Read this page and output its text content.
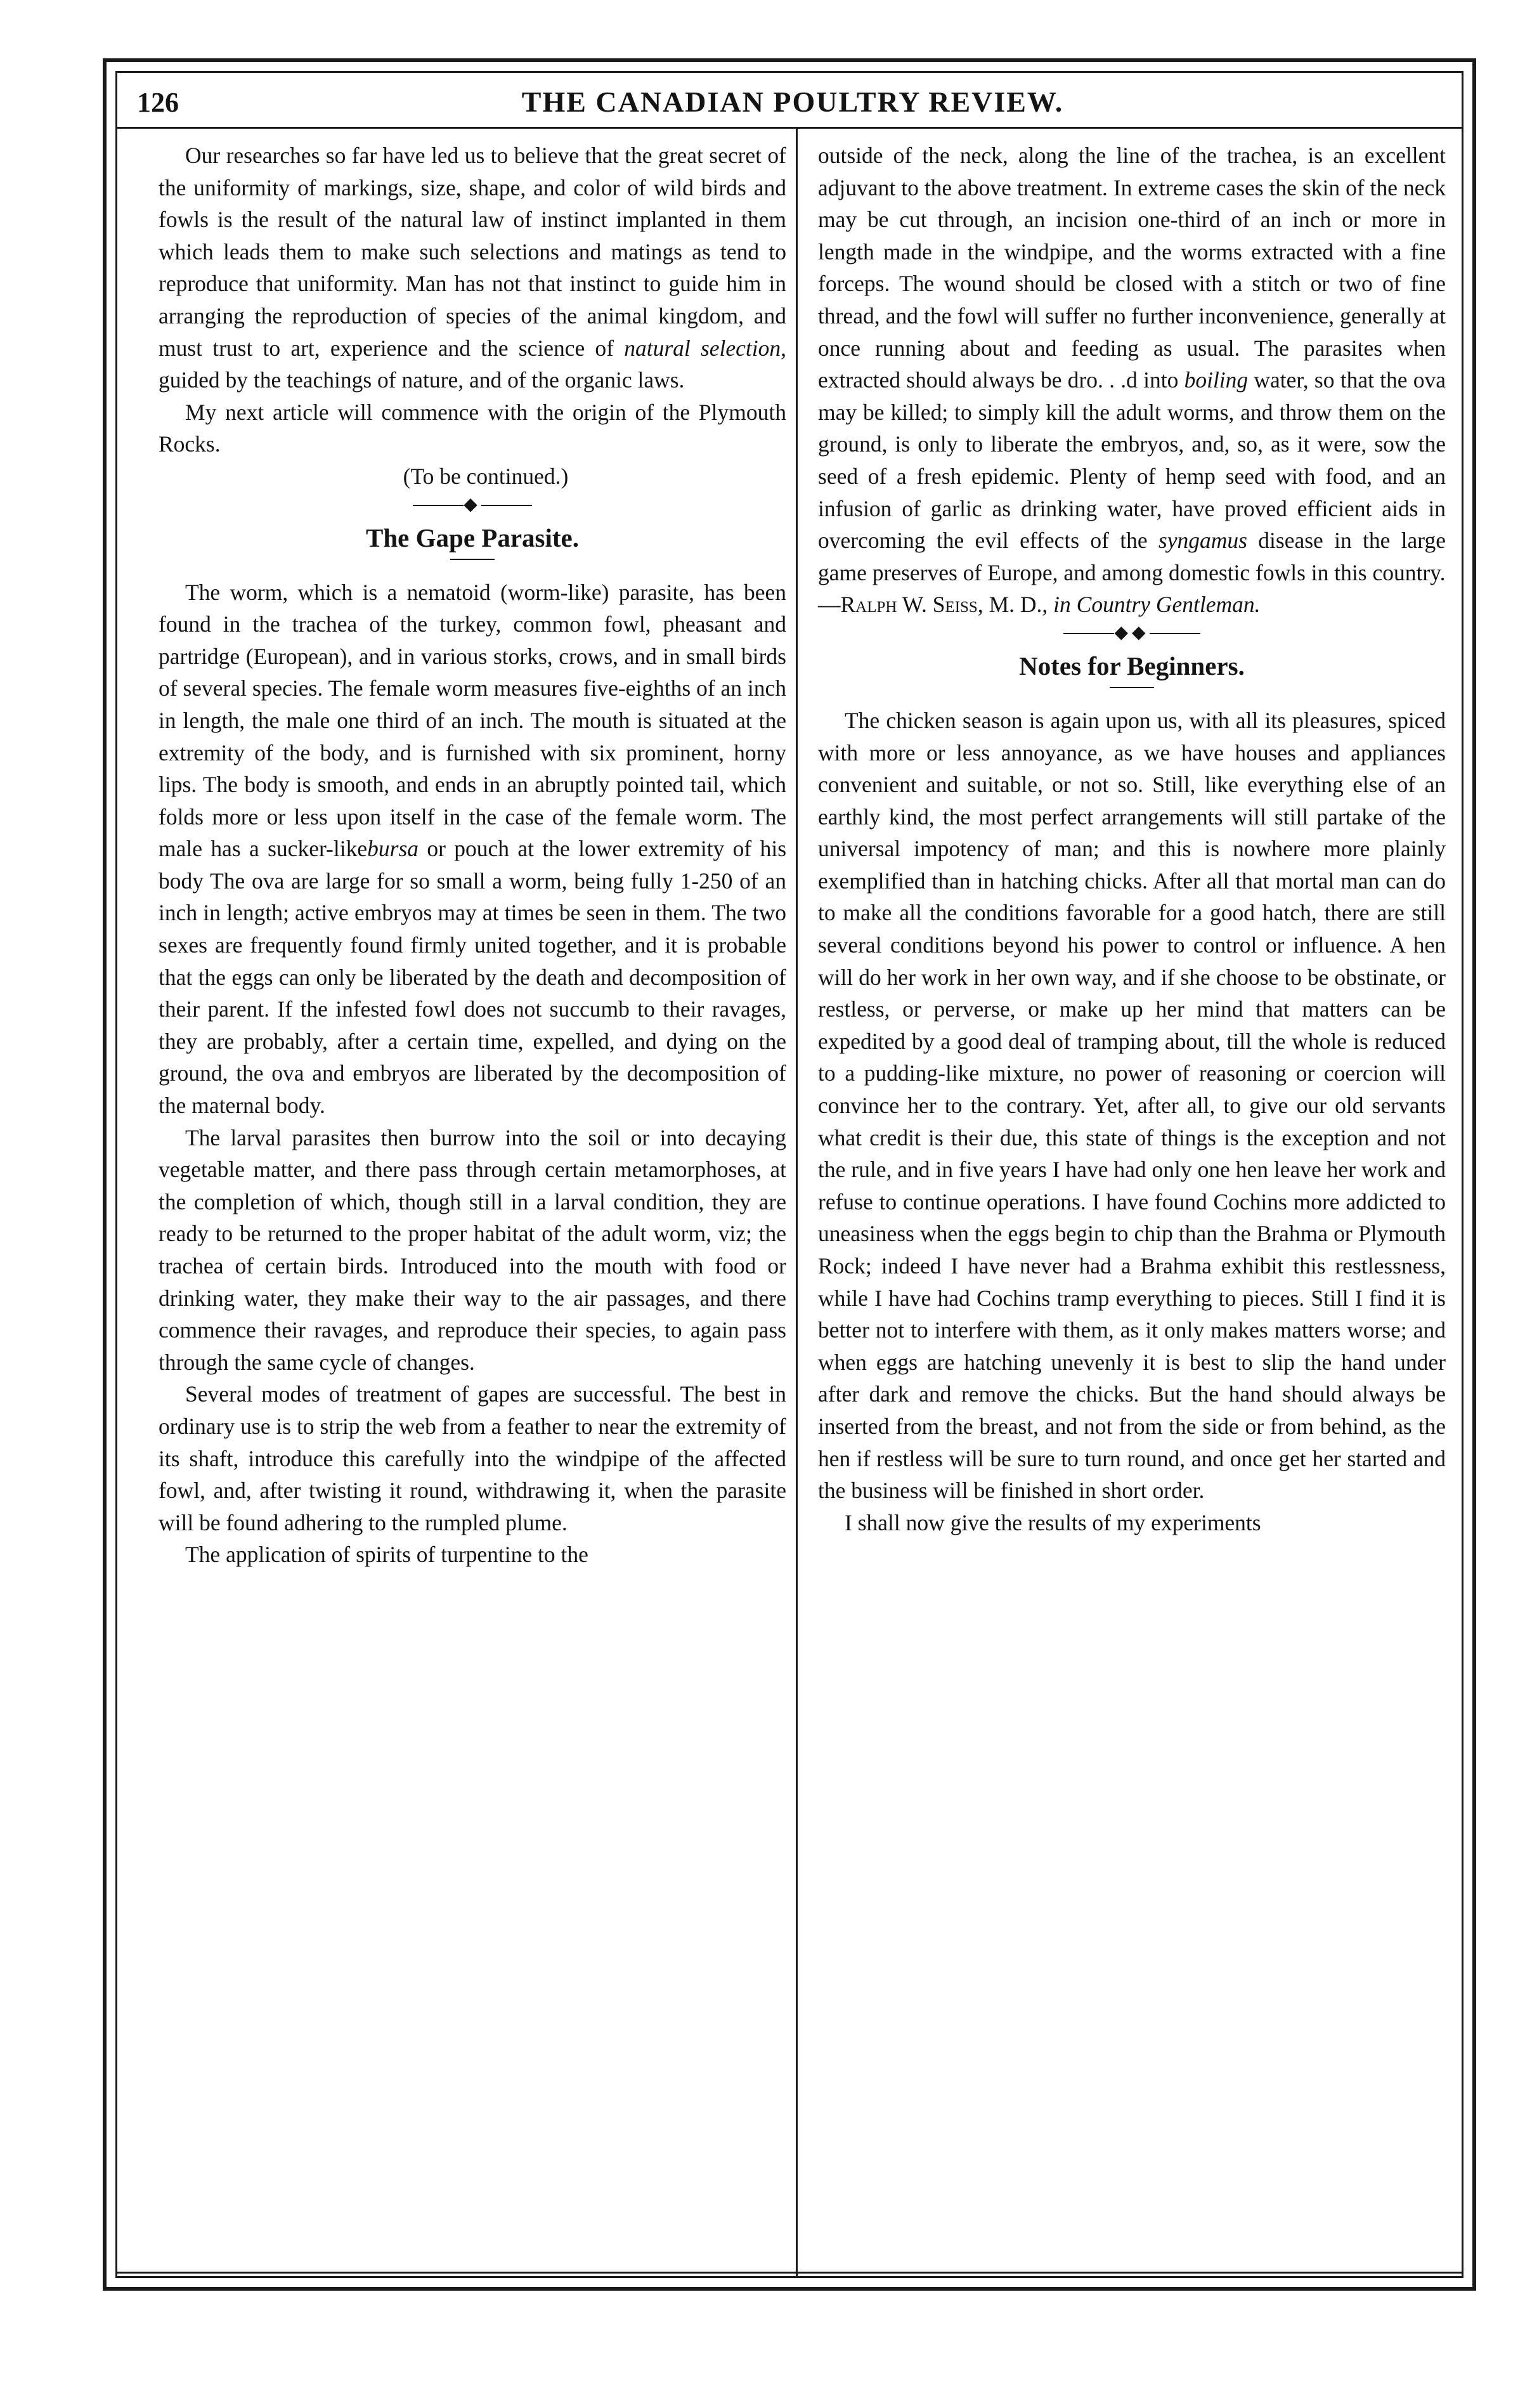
126	THE CANADIAN POULTRY REVIEW.

Our researches so far have led us to believe that the great secret of the uniformity of markings, size, shape, and color of wild birds and fowls is the result of the natural law of instinct implanted in them which leads them to make such selections and matings as tend to reproduce that uniformity. Man has not that instinct to guide him in arranging the reproduction of species of the animal kingdom, and must trust to art, experience and the science of natural selection, guided by the teachings of nature, and of the organic laws.

My next article will commence with the origin of the Plymouth Rocks.

(To be continued.)

◆
The Gape Parasite.

The worm, which is a nematoid (worm-like) parasite, has been found in the trachea of the turkey, common fowl, pheasant and partridge (European), and in various storks, crows, and in small birds of several species. The female worm measures five-eighths of an inch in length, the male one third of an inch. The mouth is situated at the extremity of the body, and is furnished with six prominent, horny lips. The body is smooth, and ends in an abruptly pointed tail, which folds more or less upon itself in the case of the female worm. The male has a sucker-likebursa or pouch at the lower extremity of his body The ova are large for so small a worm, being fully 1-250 of an inch in length; active embryos may at times be seen in them. The two sexes are frequently found firmly united together, and it is probable that the eggs can only be liberated by the death and decomposition of their parent. If the infested fowl does not succumb to their ravages, they are probably, after a certain time, expelled, and dying on the ground, the ova and embryos are liberated by the decomposition of the maternal body.

The larval parasites then burrow into the soil or into decaying vegetable matter, and there pass through certain metamorphoses, at the completion of which, though still in a larval condition, they are ready to be returned to the proper habitat of the adult worm, viz; the trachea of certain birds. Introduced into the mouth with food or drinking water, they make their way to the air passages, and there commence their ravages, and reproduce their species, to again pass through the same cycle of changes.

Several modes of treatment of gapes are successful. The best in ordinary use is to strip the web from a feather to near the extremity of its shaft, introduce this carefully into the windpipe of the affected fowl, and, after twisting it round, withdrawing it, when the parasite will be found adhering to the rumpled plume.

The application of spirits of turpentine to the

outside of the neck, along the line of the trachea, is an excellent adjuvant to the above treatment. In extreme cases the skin of the neck may be cut through, an incision one-third of an inch or more in length made in the windpipe, and the worms extracted with a fine forceps. The wound should be closed with a stitch or two of fine thread, and the fowl will suffer no further inconvenience, generally at once running about and feeding as usual. The parasites when extracted should always be dro. . .d into boiling water, so that the ova may be killed; to simply kill the adult worms, and throw them on the ground, is only to liberate the embryos, and, so, as it were, sow the seed of a fresh epidemic. Plenty of hemp seed with food, and an infusion of garlic as drinking water, have proved efficient aids in overcoming the evil effects of the syngamus disease in the large game preserves of Europe, and among domestic fowls in this country.
—Ralph W. Seiss, M. D., in Country Gentleman.

◆◆
Notes for Beginners.

The chicken season is again upon us, with all its pleasures, spiced with more or less annoyance, as we have houses and appliances convenient and suitable, or not so. Still, like everything else of an earthly kind, the most perfect arrangements will still partake of the universal impotency of man; and this is nowhere more plainly exemplified than in hatching chicks. After all that mortal man can do to make all the conditions favorable for a good hatch, there are still several conditions beyond his power to control or influence. A hen will do her work in her own way, and if she choose to be obstinate, or restless, or perverse, or make up her mind that matters can be expedited by a good deal of tramping about, till the whole is reduced to a pudding-like mixture, no power of reasoning or coercion will convince her to the contrary. Yet, after all, to give our old servants what credit is their due, this state of things is the exception and not the rule, and in five years I have had only one hen leave her work and refuse to continue operations. I have found Cochins more addicted to uneasiness when the eggs begin to chip than the Brahma or Plymouth Rock; indeed I have never had a Brahma exhibit this restlessness, while I have had Cochins tramp everything to pieces. Still I find it is better not to interfere with them, as it only makes matters worse; and when eggs are hatching unevenly it is best to slip the hand under after dark and remove the chicks. But the hand should always be inserted from the breast, and not from the side or from behind, as the hen if restless will be sure to turn round, and once get her started and the business will be finished in short order.

I shall now give the results of my experiments
